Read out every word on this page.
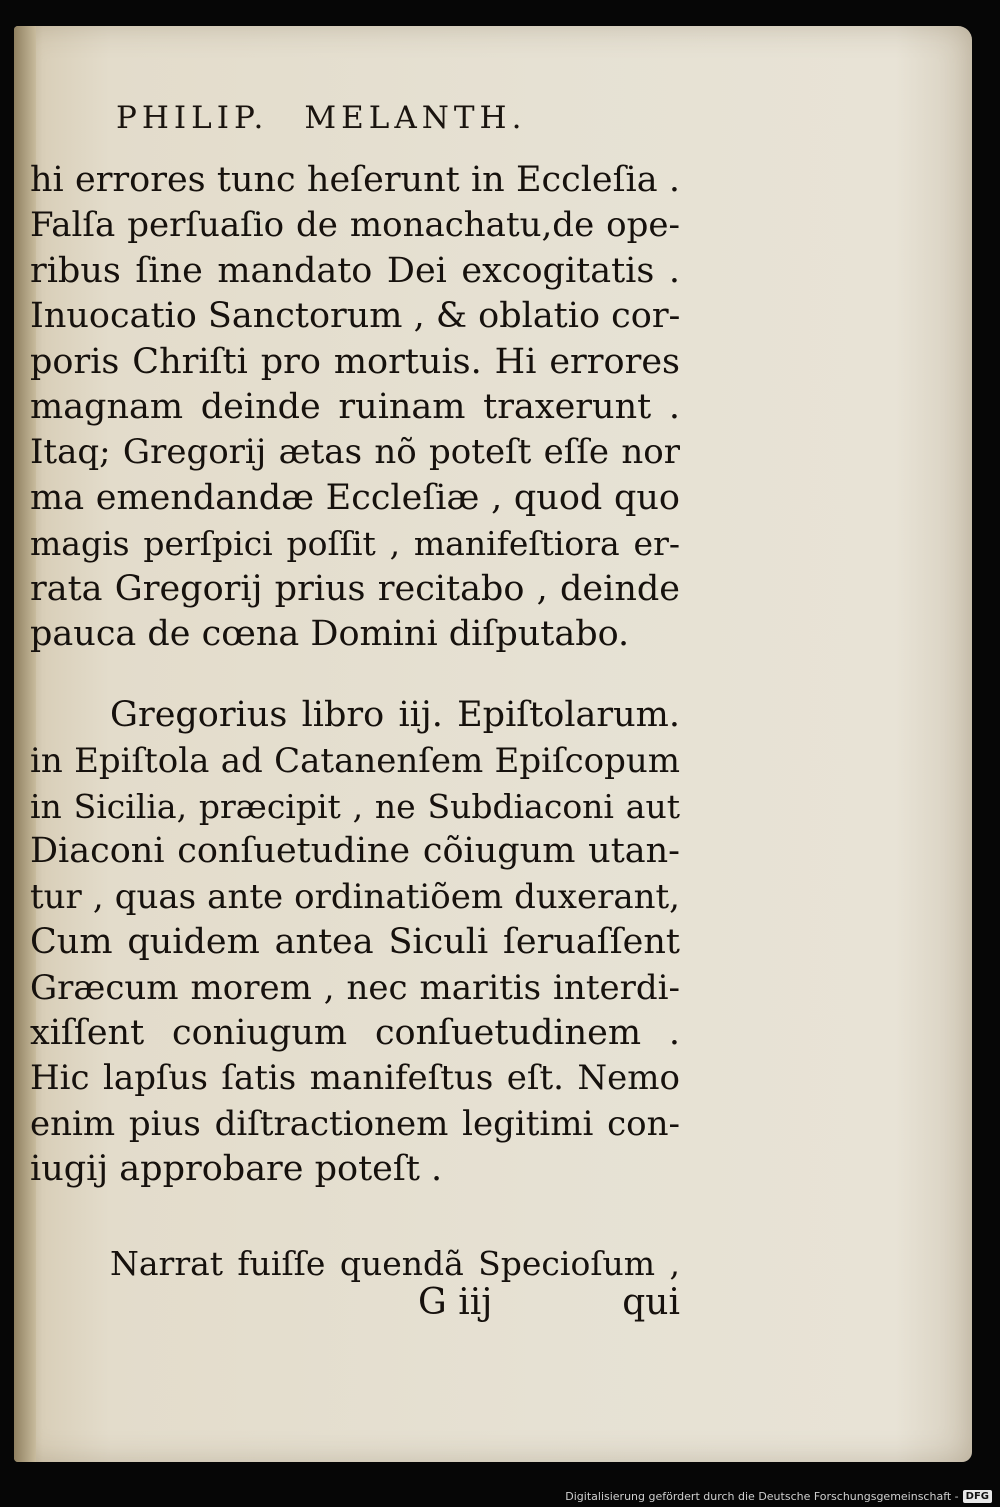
PHILIP. MELANTH.
hi errores tunc heſerunt in Eccleſia .
Falſa perſuaſio de monachatu,de ope-
ribus ſine mandato Dei excogitatis .
Inuocatio Sanctorum , & oblatio cor-
poris Chriſti pro mortuis. Hi errores
magnam deinde ruinam traxerunt .
Itaq; Gregorij ætas nõ poteſt eſſe nor
ma emendandæ Eccleſiæ , quod quo
magis perſpici poſſit , manifeſtiora er-
rata Gregorij prius recitabo , deinde
pauca de cœna Domini diſputabo.
Gregorius libro iij. Epiſtolarum.
in Epiſtola ad Catanenſem Epiſcopum
in Sicilia, præcipit , ne Subdiaconi aut
Diaconi conſuetudine cõiugum utan-
tur , quas ante ordinatiõem duxerant,
Cum quidem antea Siculi ſeruaſſent
Græcum morem , nec maritis interdi-
xiſſent coniugum conſuetudinem .
Hic lapſus ſatis manifeſtus eſt. Nemo
enim pius diſtractionem legitimi con-
iugij approbare poteſt .
Narrat fuiſſe quendã Specioſum ,
G iij	qui
Digitalisierung gefördert durch die Deutsche Forschungsgemeinschaft - DFG
